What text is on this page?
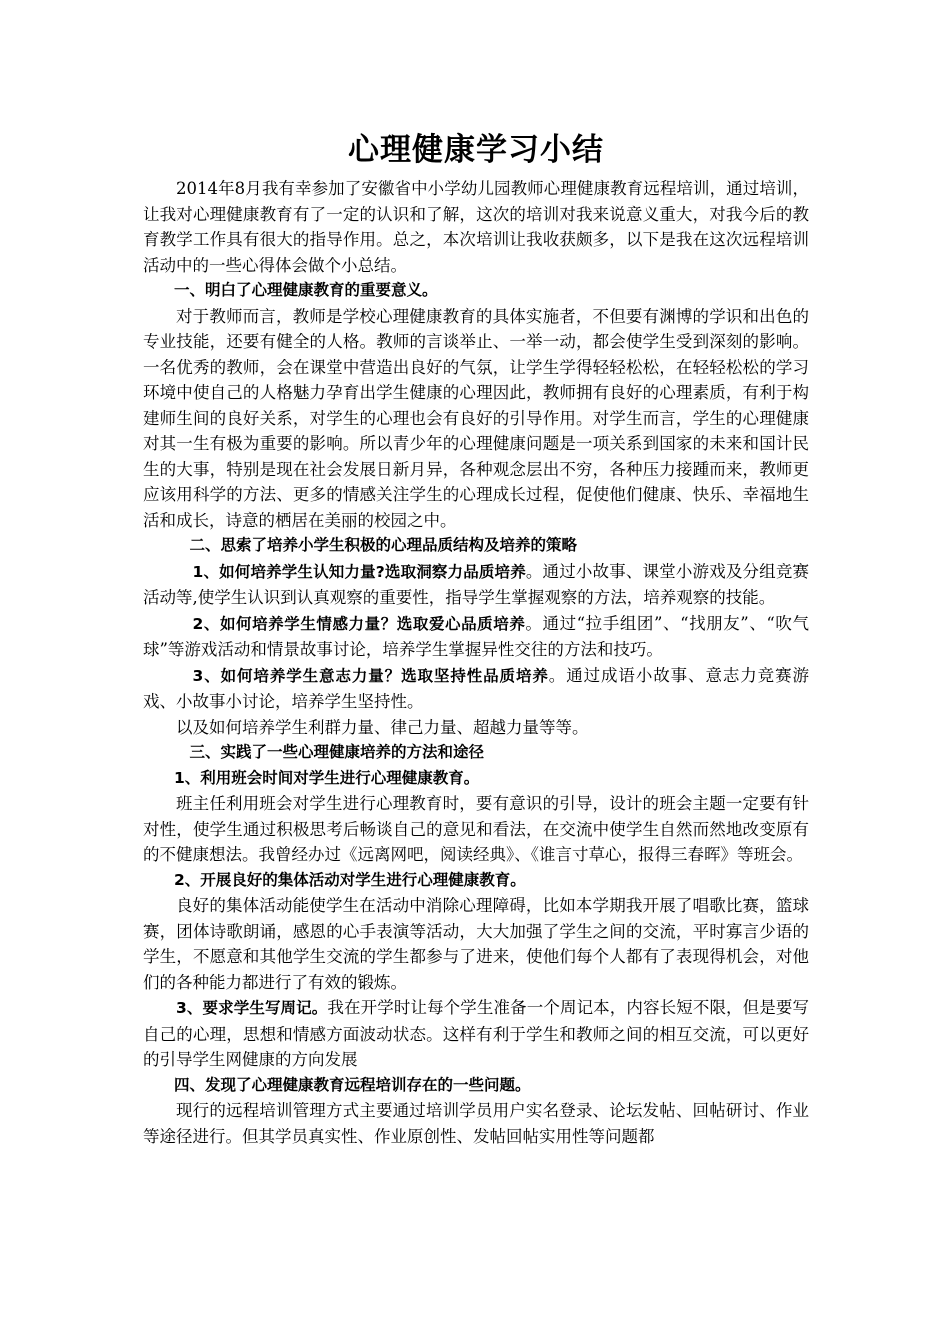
心理健康学习小结

2014年8月我有幸参加了安徽省中小学幼儿园教师心理健康教育远程培训，通过培训，让我对心理健康教育有了一定的认识和了解，这次的培训对我来说意义重大，对我今后的教育教学工作具有很大的指导作用。总之，本次培训让我收获颇多，以下是我在这次远程培训活动中的一些心得体会做个小总结。

一、明白了心理健康教育的重要意义。

对于教师而言，教师是学校心理健康教育的具体实施者，不但要有渊博的学识和出色的专业技能，还要有健全的人格。教师的言谈举止、一举一动，都会使学生受到深刻的影响。一名优秀的教师，会在课堂中营造出良好的气氛，让学生学得轻轻松松，在轻轻松松的学习环境中使自己的人格魅力孕育出学生健康的心理因此，教师拥有良好的心理素质，有利于构建师生间的良好关系，对学生的心理也会有良好的引导作用。对学生而言，学生的心理健康对其一生有极为重要的影响。所以青少年的心理健康问题是一项关系到国家的未来和国计民生的大事，特别是现在社会发展日新月异，各种观念层出不穷，各种压力接踵而来，教师更应该用科学的方法、更多的情感关注学生的心理成长过程，促使他们健康、快乐、幸福地生活和成长，诗意的栖居在美丽的校园之中。

二、思索了培养小学生积极的心理品质结构及培养的策略

1、如何培养学生认知力量?选取洞察力品质培养。通过小故事、课堂小游戏及分组竞赛活动等,使学生认识到认真观察的重要性，指导学生掌握观察的方法，培养观察的技能。

2、如何培养学生情感力量？选取爱心品质培养。通过“拉手组团”、“找朋友”、“吹气球”等游戏活动和情景故事讨论，培养学生掌握异性交往的方法和技巧。

3、如何培养学生意志力量？选取坚持性品质培养。通过成语小故事、意志力竞赛游戏、小故事小讨论，培养学生坚持性。

以及如何培养学生利群力量、律己力量、超越力量等等。

三、实践了一些心理健康培养的方法和途径

1、利用班会时间对学生进行心理健康教育。

班主任利用班会对学生进行心理教育时，要有意识的引导，设计的班会主题一定要有针对性，使学生通过积极思考后畅谈自己的意见和看法，在交流中使学生自然而然地改变原有的不健康想法。我曾经办过《远离网吧，阅读经典》、《谁言寸草心，报得三春晖》等班会。

2、开展良好的集体活动对学生进行心理健康教育。

良好的集体活动能使学生在活动中消除心理障碍，比如本学期我开展了唱歌比赛，篮球赛，团体诗歌朗诵，感恩的心手表演等活动，大大加强了学生之间的交流，平时寡言少语的学生，不愿意和其他学生交流的学生都参与了进来，使他们每个人都有了表现得机会，对他们的各种能力都进行了有效的锻炼。

3、要求学生写周记。我在开学时让每个学生准备一个周记本，内容长短不限，但是要写自己的心理，思想和情感方面波动状态。这样有利于学生和教师之间的相互交流，可以更好的引导学生网健康的方向发展

四、发现了心理健康教育远程培训存在的一些问题。

现行的远程培训管理方式主要通过培训学员用户实名登录、论坛发帖、回帖研讨、作业等途径进行。但其学员真实性、作业原创性、发帖回帖实用性等问题都
